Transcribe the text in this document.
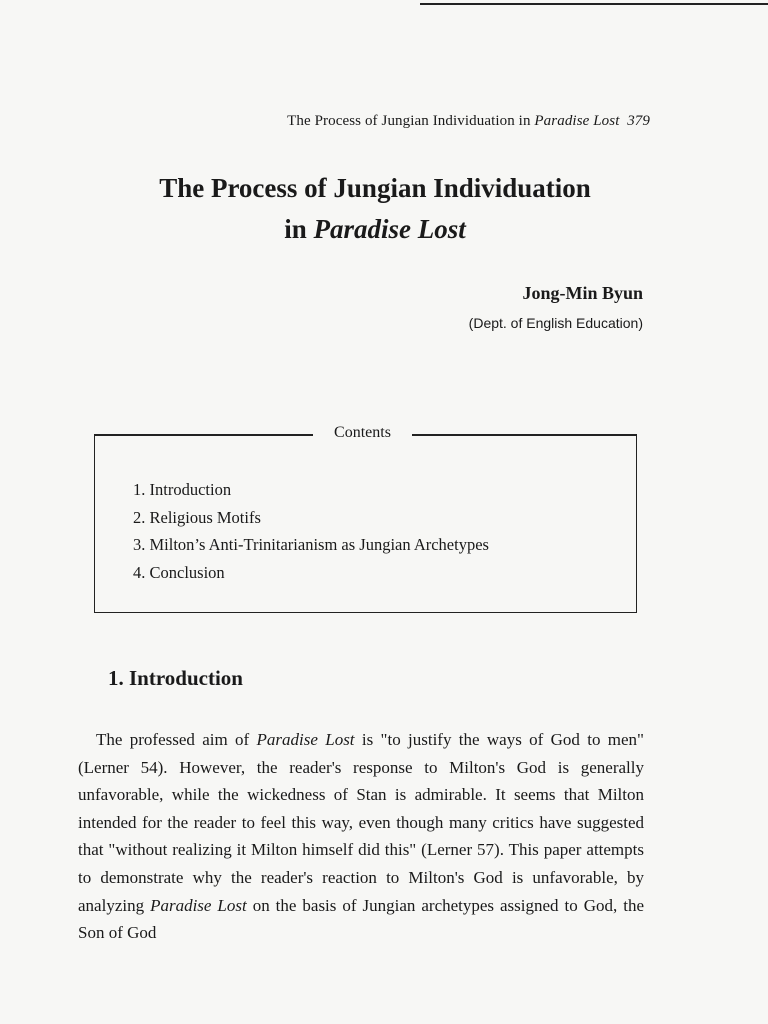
The Process of Jungian Individuation in Paradise Lost 379
The Process of Jungian Individuation
in Paradise Lost
Jong-Min Byun
(Dept. of English Education)
Contents
1. Introduction
2. Religious Motifs
3. Milton’s Anti-Trinitarianism as Jungian Archetypes
4. Conclusion
1. Introduction

The professed aim of Paradise Lost is "to justify the ways of God to men" (Lerner 54). However, the reader's response to Milton's God is generally unfavorable, while the wickedness of Stan is admirable. It seems that Milton intended for the reader to feel this way, even though many critics have suggested that "without realizing it Milton himself did this" (Lerner 57). This paper attempts to demonstrate why the reader's reaction to Milton's God is unfavorable, by analyzing Paradise Lost on the basis of Jungian archetypes assigned to God, the Son of God
